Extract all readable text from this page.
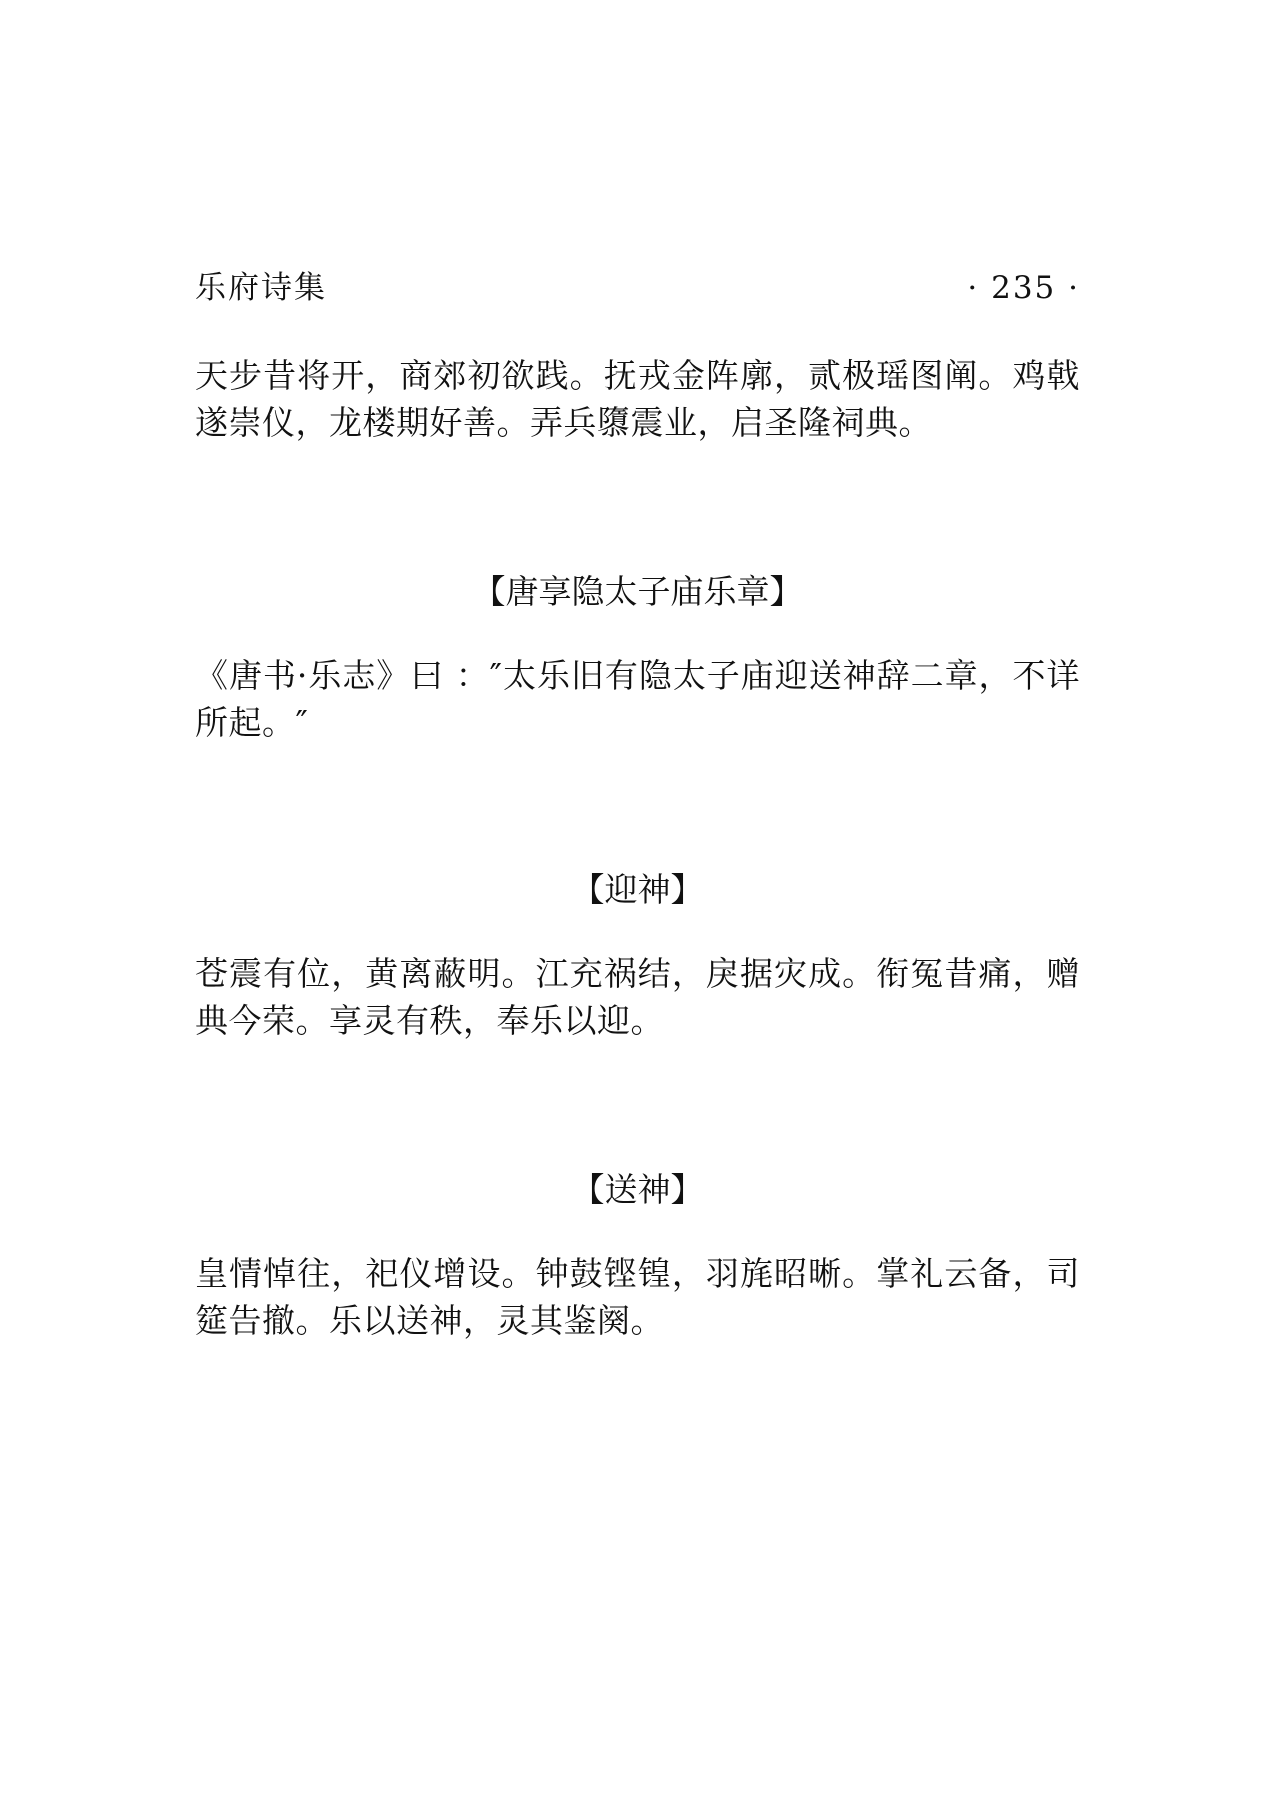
乐府诗集	· 235 ·
天步昔将开，商郊初欲践。抚戎金阵廓，贰极瑶图阐。鸡戟遂崇仪，龙楼期好善。弄兵隳震业，启圣隆祠典。
【唐享隐太子庙乐章】
《唐书·乐志》曰 ：″太乐旧有隐太子庙迎送神辞二章，不详所起。″
【迎神】
苍震有位，黄离蔽明。江充祸结，戾据灾成。衔冤昔痛，赠典今荣。享灵有秩，奉乐以迎。
【送神】
皇情悼往，祀仪增设。钟鼓铿锽，羽旄昭晰。掌礼云备，司筵告撤。乐以送神，灵其鉴阕。
